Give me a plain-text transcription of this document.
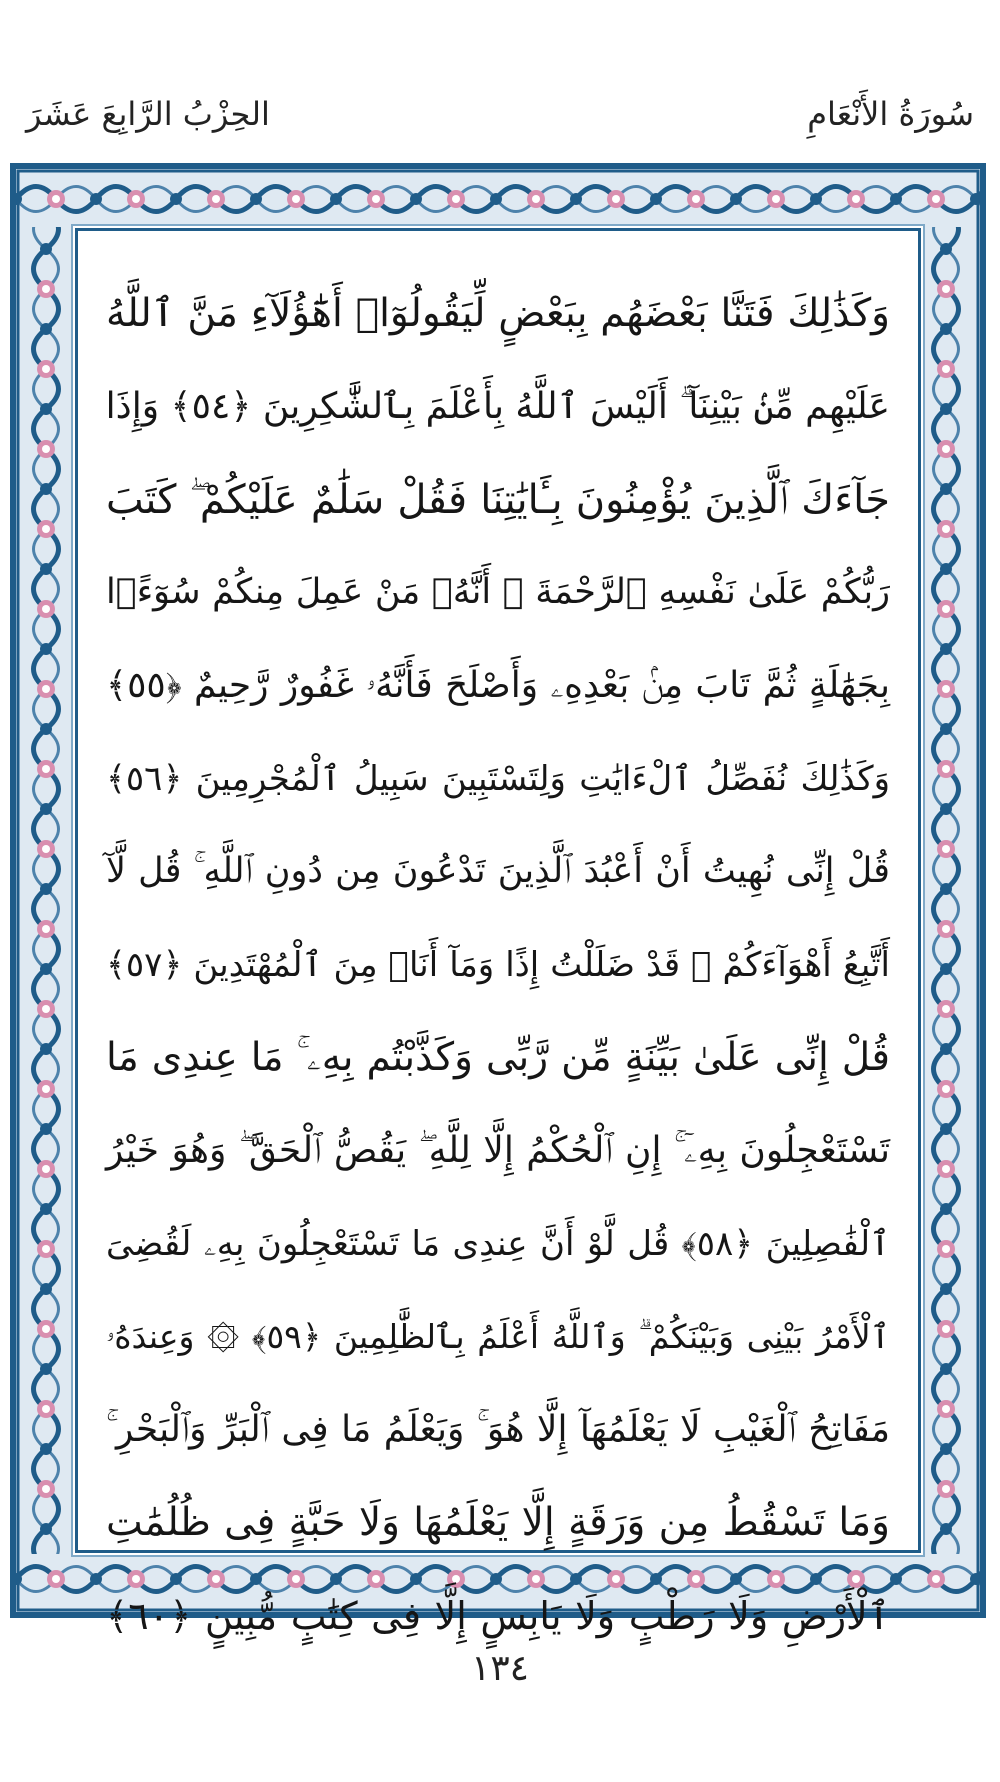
سُورَةُ الأَنْعَامِ
الحِزْبُ الرَّابِعَ عَشَرَ
وَكَذَٰلِكَ فَتَنَّا بَعْضَهُم بِبَعْضٍ لِّيَقُولُوٓا۟ أَهَٰٓؤُلَآءِ مَنَّ ٱللَّهُ
عَلَيْهِم مِّنۢ بَيْنِنَآ ۗ أَلَيْسَ ٱللَّهُ بِأَعْلَمَ بِٱلشَّٰكِرِينَ ﴿٥٤﴾ وَإِذَا
جَآءَكَ ٱلَّذِينَ يُؤْمِنُونَ بِـَٔايَٰتِنَا فَقُلْ سَلَٰمٌ عَلَيْكُمْ ۖ كَتَبَ
رَبُّكُمْ عَلَىٰ نَفْسِهِ ٱلرَّحْمَةَ ۖ أَنَّهُۥ مَنْ عَمِلَ مِنكُمْ سُوٓءًۢا
بِجَهَٰلَةٍ ثُمَّ تَابَ مِنۢ بَعْدِهِۦ وَأَصْلَحَ فَأَنَّهُۥ غَفُورٌ رَّحِيمٌ ﴿٥٥﴾
وَكَذَٰلِكَ نُفَصِّلُ ٱلْءَايَٰتِ وَلِتَسْتَبِينَ سَبِيلُ ٱلْمُجْرِمِينَ ﴿٥٦﴾
قُلْ إِنِّى نُهِيتُ أَنْ أَعْبُدَ ٱلَّذِينَ تَدْعُونَ مِن دُونِ ٱللَّهِ ۚ قُل لَّآ
أَتَّبِعُ أَهْوَآءَكُمْ ۙ قَدْ ضَلَلْتُ إِذًا وَمَآ أَنَا۠ مِنَ ٱلْمُهْتَدِينَ ﴿٥٧﴾
قُلْ إِنِّى عَلَىٰ بَيِّنَةٍ مِّن رَّبِّى وَكَذَّبْتُم بِهِۦ ۚ مَا عِندِى مَا
تَسْتَعْجِلُونَ بِهِۦٓ ۚ إِنِ ٱلْحُكْمُ إِلَّا لِلَّهِ ۖ يَقُصُّ ٱلْحَقَّ ۖ وَهُوَ خَيْرُ
ٱلْفَٰصِلِينَ ﴿٥٨﴾ قُل لَّوْ أَنَّ عِندِى مَا تَسْتَعْجِلُونَ بِهِۦ لَقُضِىَ
ٱلْأَمْرُ بَيْنِى وَبَيْنَكُمْ ۗ وَٱللَّهُ أَعْلَمُ بِٱلظَّٰلِمِينَ ﴿٥٩﴾ ۞ وَعِندَهُۥ
مَفَاتِحُ ٱلْغَيْبِ لَا يَعْلَمُهَآ إِلَّا هُوَ ۚ وَيَعْلَمُ مَا فِى ٱلْبَرِّ وَٱلْبَحْرِ ۚ
وَمَا تَسْقُطُ مِن وَرَقَةٍ إِلَّا يَعْلَمُهَا وَلَا حَبَّةٍ فِى ظُلُمَٰتِ
ٱلْأَرْضِ وَلَا رَطْبٍ وَلَا يَابِسٍ إِلَّا فِى كِتَٰبٍ مُّبِينٍ ﴿٦٠﴾
١٣٤
